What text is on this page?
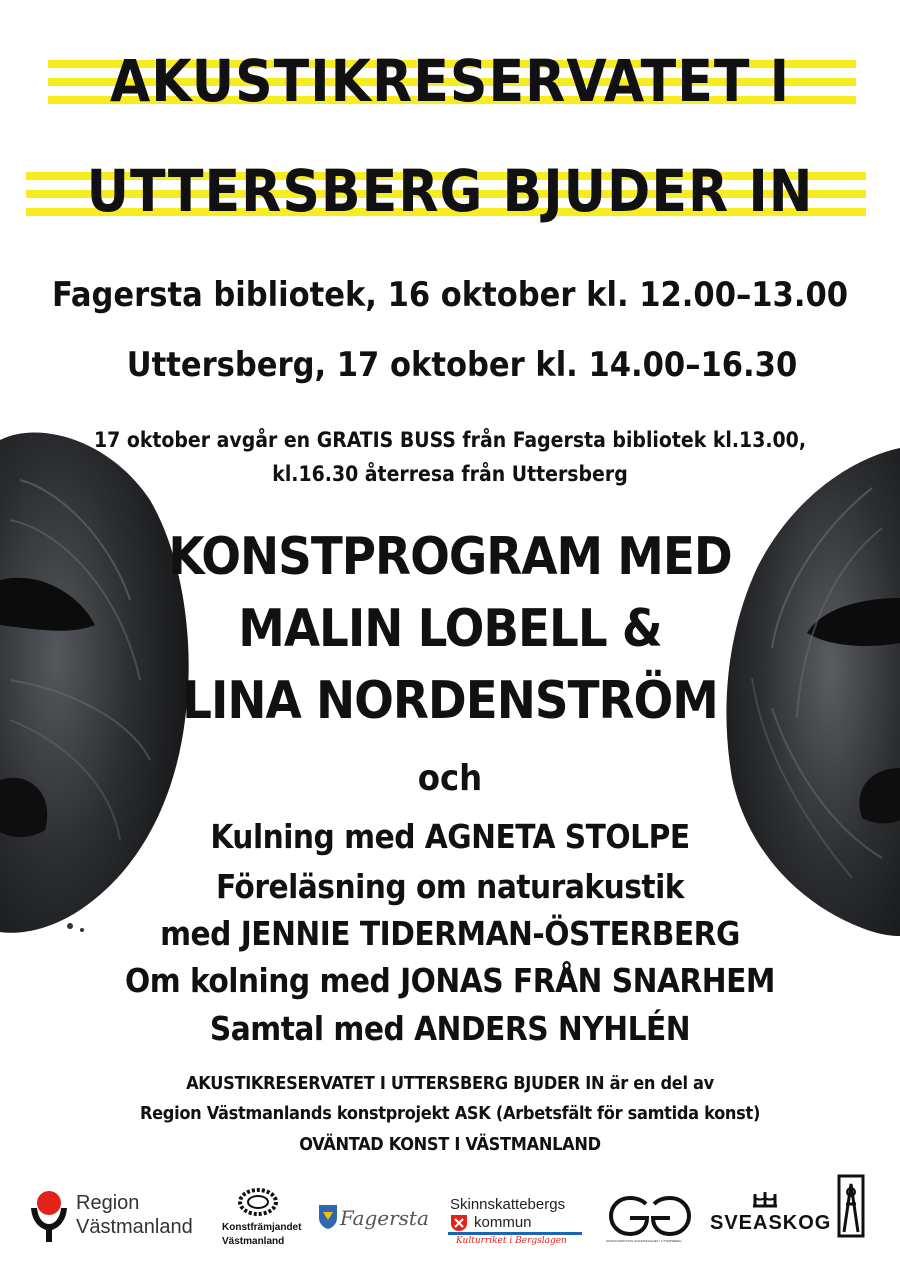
AKUSTIKRESERVATET I
UTTERSBERG BJUDER IN
Fagersta bibliotek, 16 oktober kl. 12.00–13.00
Uttersberg, 17 oktober kl. 14.00–16.30
17 oktober avgår en GRATIS BUSS från Fagersta bibliotek kl.13.00,
kl.16.30 återresa från Uttersberg
KONSTPROGRAM MED
MALIN LOBELL &
LINA NORDENSTRÖM
och
Kulning med AGNETA STOLPE
Föreläsning om naturakustik
med JENNIE TIDERMAN-ÖSTERBERG
Om kolning med JONAS FRÅN SNARHEM
Samtal med ANDERS NYHLÉN
AKUSTIKRESERVATET I UTTERSBERG BJUDER IN är en del av
Region Västmanlands konstprojekt ASK (Arbetsfält för samtida konst)
OVÄNTAD KONST I VÄSTMANLAND
Region
Västmanland	Konstfrämjandet
Västmanland
Fagersta
Skinnskattebergs
kommun
Kulturriket i Bergslagen	GRAFIKVERKSTAN GODSINKLINGET I UTTERSBERG
SVEASKOG
